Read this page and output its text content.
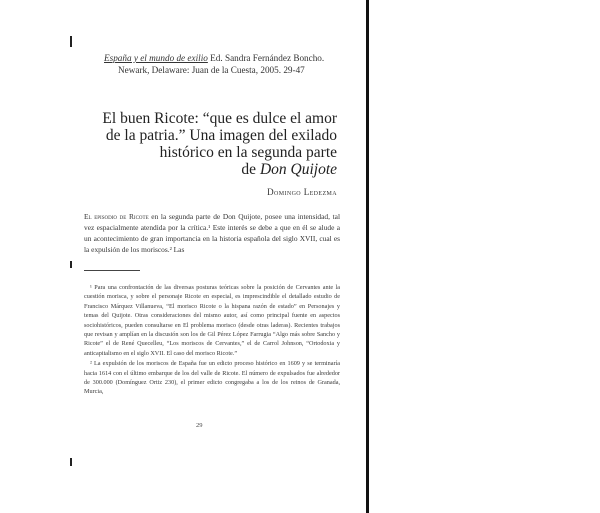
España y el mundo de exilio Ed. Sandra Fernández Boncho.
Newark, Delaware: Juan de la Cuesta, 2005. 29-47
El buen Ricote: “que es dulce el amor
de la patria.” Una imagen del exilado
histórico en la segunda parte
de Don Quijote
Domingo Ledezma
El episodio de Ricote en la segunda parte de Don Quijote, posee una intensidad, tal vez espacialmente atendida por la crítica.¹ Este interés se debe a que en él se alude a un acontecimiento de gran importancia en la historia española del siglo XVII, cual es la expulsión de los moriscos.² Las

¹ Para una confrontación de las diversas posturas teóricas sobre la posición de Cervantes ante la cuestión morisca, y sobre el personaje Ricote en especial, es imprescindible el detallado estudio de Francisco Márquez Villanueva, “El morisco Ricote o la hispana razón de estado” en Personajes y temas del Quijote. Otras consideraciones del mismo autor, así como principal fuente en aspectos sociohistóricos, pueden consultarse en El problema morisco (desde otras laderas). Recientes trabajos que revisan y amplían en la discusión son los de Gil Pérez López Farrugia “Algo más sobre Sancho y Ricote” el de René Quecelleu, “Los moriscos de Cervantes,” el de Carrol Johnson, “Ortodoxia y anticapitalismo en el siglo XVII. El caso del morisco Ricote.”

² La expulsión de los moriscos de España fue un edicto proceso histórico en 1609 y se terminaría hacia 1614 con el último embarque de los del valle de Ricote. El número de expulsados fue alrededor de 300.000 (Domínguez Ortiz 230), el primer edicto congregaba a los de los reinos de Granada, Murcia,

29
